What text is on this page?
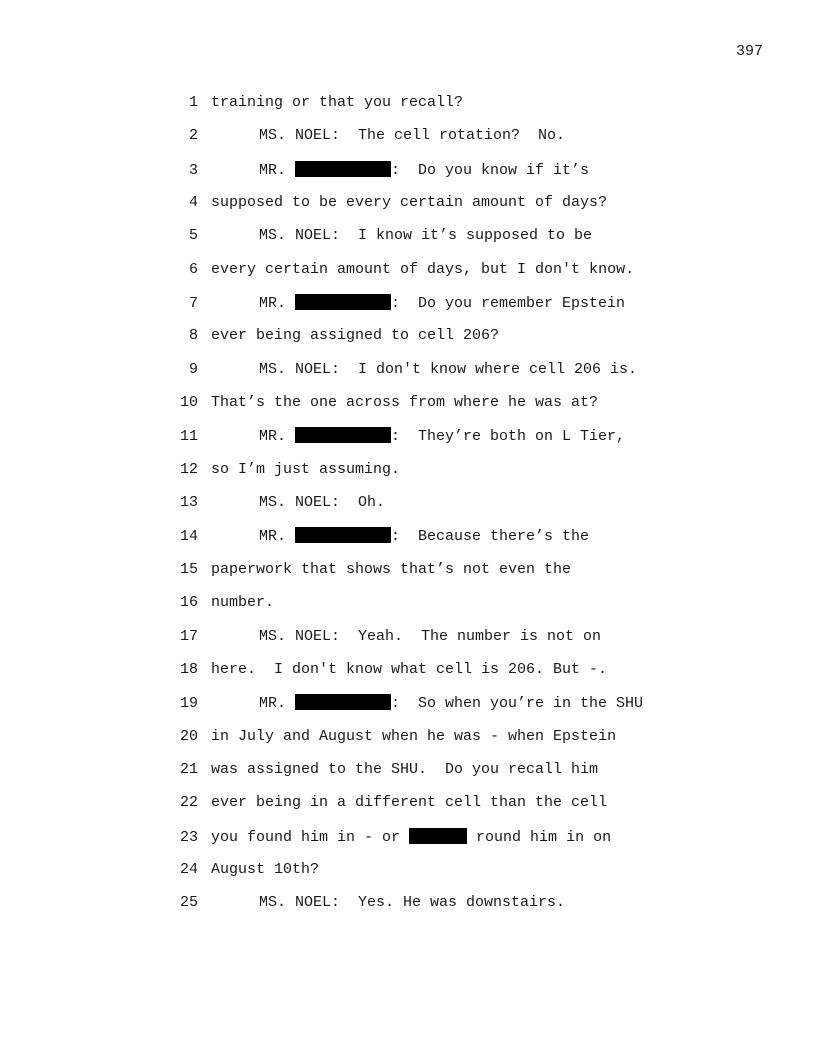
397
1 training or that you recall?
2	MS. NOEL:  The cell rotation?  No.
3	MR.	:  Do you know if it’s
4 supposed to be every certain amount of days?
5	MS. NOEL:  I know it’s supposed to be
6 every certain amount of days, but I don't know.
7	MR.	:  Do you remember Epstein
8 ever being assigned to cell 206?
9	MS. NOEL:  I don't know where cell 206 is.
10 That’s the one across from where he was at?
11	MR.	:  They’re both on L Tier,
12 so I’m just assuming.
13	MS. NOEL:  Oh.
14	MR.	:  Because there’s the
15 paperwork that shows that’s not even the
16 number.
17	MS. NOEL:  Yeah.  The number is not on
18 here.  I don't know what cell is 206. But -.
19	MR.	:  So when you’re in the SHU
20 in July and August when he was - when Epstein
21 was assigned to the SHU.  Do you recall him
22 ever being in a different cell than the cell
23 you found him in - or	round him in on
24 August 10th?
25	MS. NOEL:  Yes. He was downstairs.
